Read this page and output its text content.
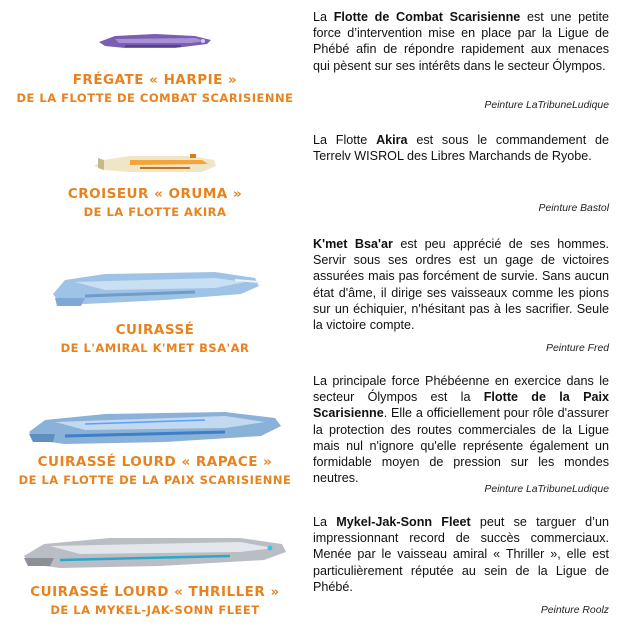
FRÉGATE « HARPIE »
DE LA FLOTTE DE COMBAT SCARISIENNE
La Flotte de Combat Scarisienne est une petite force d’intervention mise en place par la Ligue de Phébé afin de répondre rapidement aux menaces qui pèsent sur ses intérêts dans le secteur Ólympos.
Peinture LaTribuneLudique
CROISEUR « ORUMA »
DE LA FLOTTE AKIRA
La Flotte Akira est sous le commandement de Terrelv WISROL des Libres Marchands de Ryobe.
Peinture Bastol
CUIRASSÉ
DE L'AMIRAL K'MET BSA'AR
K'met Bsa'ar est peu apprécié de ses hommes. Servir sous ses ordres est un gage de victoires assurées mais pas forcément de survie. Sans aucun état d'âme, il dirige ses vaisseaux comme les pions sur un échiquier, n'hésitant pas à les sacrifier. Seule la victoire compte.
Peinture Fred
CUIRASSÉ LOURD « RAPACE »
DE LA FLOTTE DE LA PAIX SCARISIENNE
La principale force Phébéenne en exercice dans le secteur Ólympos est la Flotte de la Paix Scarisienne. Elle a officiellement pour rôle d'assurer la protection des routes commerciales de la Ligue mais nul n'ignore qu'elle représente également un formidable moyen de pression sur les mondes neutres.
Peinture LaTribuneLudique
CUIRASSÉ LOURD « THRILLER »
DE LA MYKEL-JAK-SONN FLEET
La Mykel-Jak-Sonn Fleet peut se targuer d’un impressionnant record de succès commerciaux. Menée par le vaisseau amiral « Thriller », elle est particulièrement réputée au sein de la Ligue de Phébé.
Peinture Roolz
